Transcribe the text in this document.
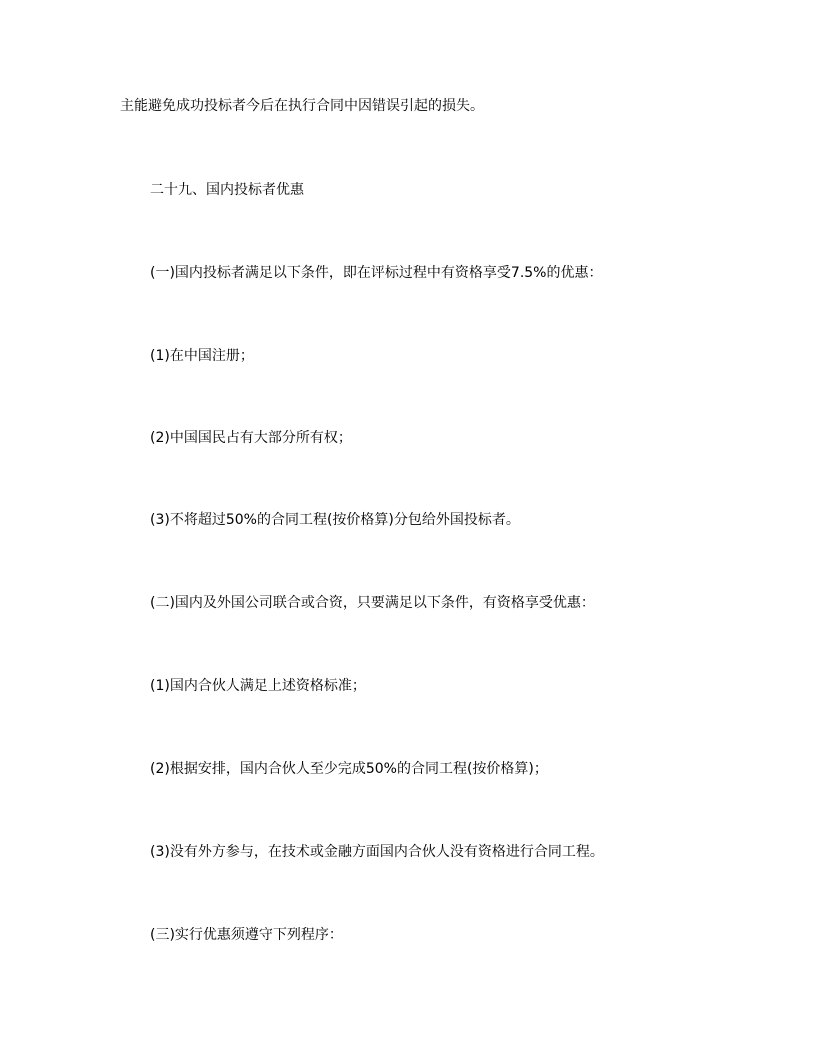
主能避免成功投标者今后在执行合同中因错误引起的损失。
二十九、国内投标者优惠
(一)国内投标者满足以下条件，即在评标过程中有资格享受7.5%的优惠：
(1)在中国注册；
(2)中国国民占有大部分所有权；
(3)不将超过50%的合同工程(按价格算)分包给外国投标者。
(二)国内及外国公司联合或合资，只要满足以下条件，有资格享受优惠：
(1)国内合伙人满足上述资格标准；
(2)根据安排，国内合伙人至少完成50%的合同工程(按价格算)；
(3)没有外方参与，在技术或金融方面国内合伙人没有资格进行合同工程。
(三)实行优惠须遵守下列程序：
